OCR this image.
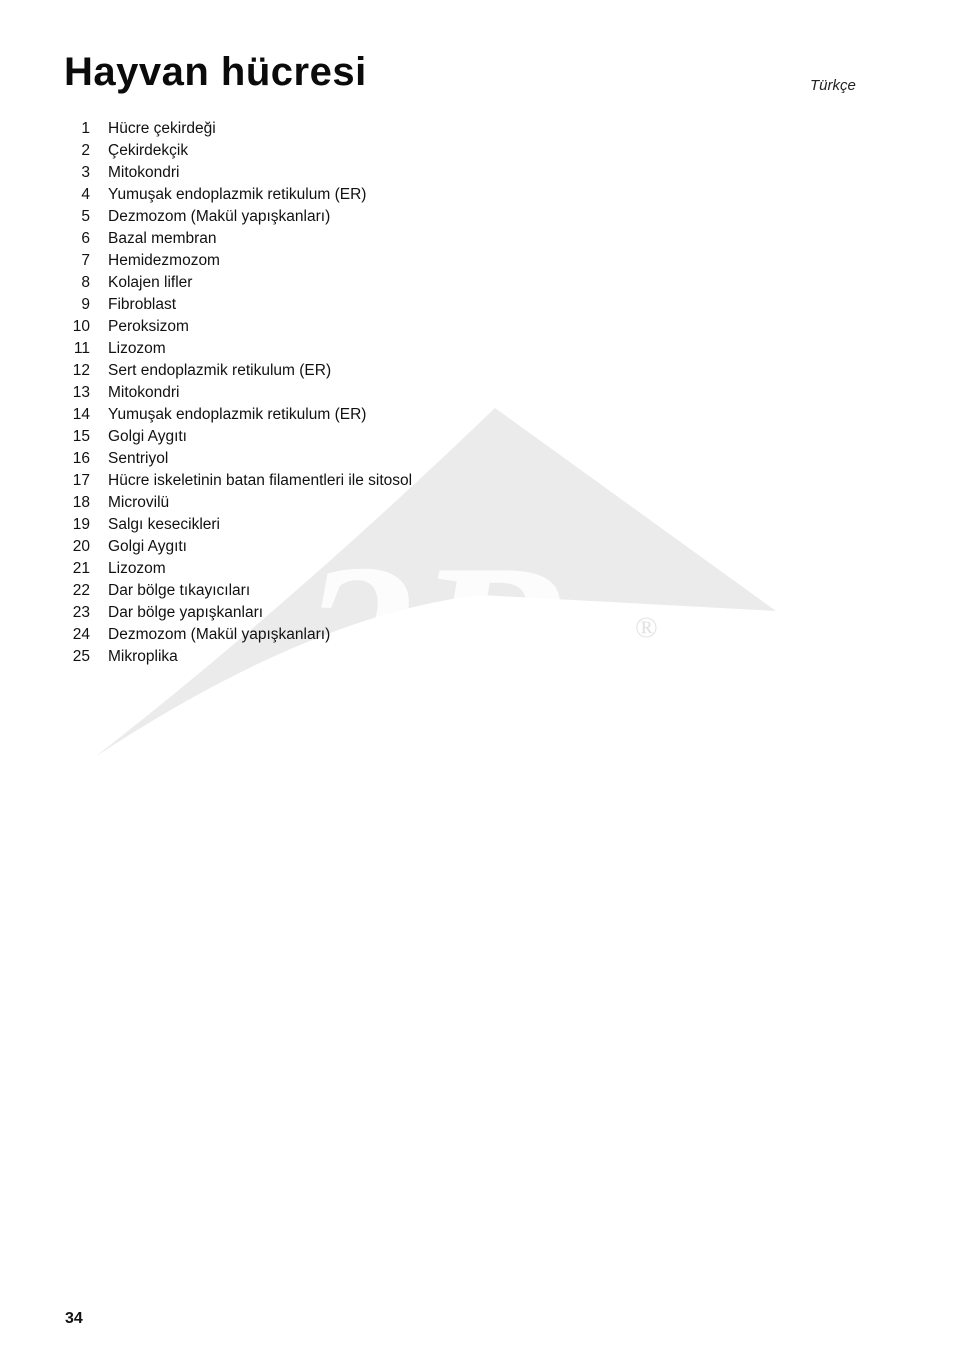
3B ®
Hayvan hücresi	Türkçe
1	Hücre çekirdeği
2	Çekirdekçik
3	Mitokondri
4	Yumuşak endoplazmik retikulum (ER)
5	Dezmozom (Makül yapışkanları)
6	Bazal membran
7	Hemidezmozom
8	Kolajen lifler
9	Fibroblast
10	Peroksizom
11	Lizozom
12	Sert endoplazmik retikulum (ER)
13	Mitokondri
14	Yumuşak endoplazmik retikulum (ER)
15	Golgi Aygıtı
16	Sentriyol
17	Hücre iskeletinin batan filamentleri ile sitosol
18	Microvilü
19	Salgı kesecikleri
20	Golgi Aygıtı
21	Lizozom
22	Dar bölge tıkayıcıları
23	Dar bölge yapışkanları
24	Dezmozom (Makül yapışkanları)
25	Mikroplika
34
